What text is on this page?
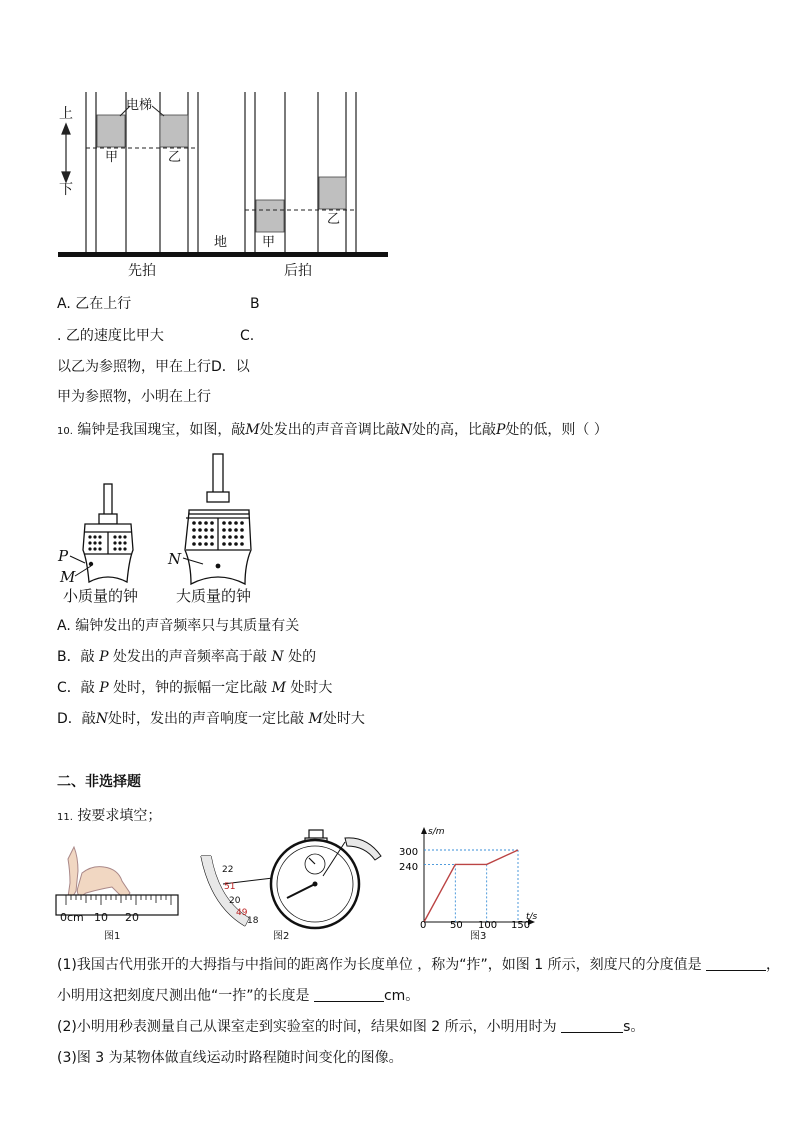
上
下
电梯
甲	乙
乙
甲
地
先拍	后拍
A. 乙在上行	B
. 乙的速度比甲大	C.
以乙为参照物，甲在上行D．以
甲为参照物，小明在上行
10. 编钟是我国瑰宝，如图，敲M处发出的声音音调比敲N处的高，比敲P处的低，则（ ）
P
M
N
小质量的钟	大质量的钟
A. 编钟发出的声音频率只与其质量有关
B．敲 P 处发出的声音频率高于敲 N 处的
C．敲 P 处时，钟的振幅一定比敲 M 处时大
D．敲N处时，发出的声音响度一定比敲 M处时大
二、非选择题
11. 按要求填空；
0cm 10 20
图1
22
51
20
49
18
图2
s/m
t/s
300
240
0 50 100 150
图3
(1)我国古代用张开的大拇指与中指间的距离作为长度单位 ，称为“拃”，如图 1 所示，刻度尺的分度值是	，
小明用这把刻度尺测出他“一拃”的长度是	cm。
(2)小明用秒表测量自己从课室走到实验室的时间，结果如图 2 所示，小明用时为	s。
(3)图 3 为某物体做直线运动时路程随时间变化的图像。
